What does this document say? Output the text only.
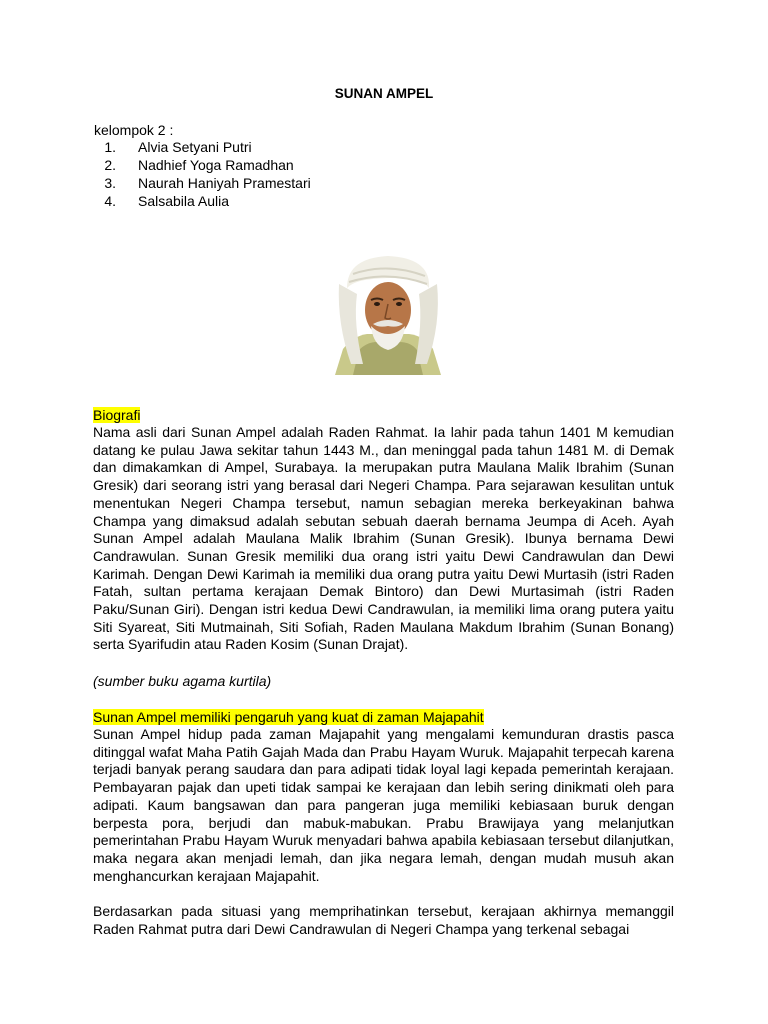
SUNAN AMPEL
kelompok 2 :
1. Alvia Setyani Putri
2. Nadhief Yoga Ramadhan
3. Naurah Haniyah Pramestari
4. Salsabila Aulia
Biografi
Nama asli dari Sunan Ampel adalah Raden Rahmat. Ia lahir pada tahun 1401 M kemudian datang ke pulau Jawa sekitar tahun 1443 M., dan meninggal pada tahun 1481 M. di Demak dan dimakamkan di Ampel, Surabaya. Ia merupakan putra Maulana Malik Ibrahim (Sunan Gresik) dari seorang istri yang berasal dari Negeri Champa. Para sejarawan kesulitan untuk menentukan Negeri Champa tersebut, namun sebagian mereka berkeyakinan bahwa Champa yang dimaksud adalah sebutan sebuah daerah bernama Jeumpa di Aceh. Ayah Sunan Ampel adalah Maulana Malik Ibrahim (Sunan Gresik). Ibunya bernama Dewi Candrawulan. Sunan Gresik memiliki dua orang istri yaitu Dewi Candrawulan dan Dewi Karimah. Dengan Dewi Karimah ia memiliki dua orang putra yaitu Dewi Murtasih (istri Raden Fatah, sultan pertama kerajaan Demak Bintoro) dan Dewi Murtasimah (istri Raden Paku/Sunan Giri). Dengan istri kedua Dewi Candrawulan, ia memiliki lima orang putera yaitu Siti Syareat, Siti Mutmainah, Siti Sofiah, Raden Maulana Makdum Ibrahim (Sunan Bonang) serta Syarifudin atau Raden Kosim (Sunan Drajat).
(sumber buku agama kurtila)
Sunan Ampel memiliki pengaruh yang kuat di zaman Majapahit
Sunan Ampel hidup pada zaman Majapahit yang mengalami kemunduran drastis pasca ditinggal wafat Maha Patih Gajah Mada dan Prabu Hayam Wuruk. Majapahit terpecah karena terjadi banyak perang saudara dan para adipati tidak loyal lagi kepada pemerintah kerajaan. Pembayaran pajak dan upeti tidak sampai ke kerajaan dan lebih sering dinikmati oleh para adipati. Kaum bangsawan dan para pangeran juga memiliki kebiasaan buruk dengan berpesta pora, berjudi dan mabuk-mabukan. Prabu Brawijaya yang melanjutkan pemerintahan Prabu Hayam Wuruk menyadari bahwa apabila kebiasaan tersebut dilanjutkan, maka negara akan menjadi lemah, dan jika negara lemah, dengan mudah musuh akan menghancurkan kerajaan Majapahit.
Berdasarkan pada situasi yang memprihatinkan tersebut, kerajaan akhirnya memanggil Raden Rahmat putra dari Dewi Candrawulan di Negeri Champa yang terkenal sebagai
